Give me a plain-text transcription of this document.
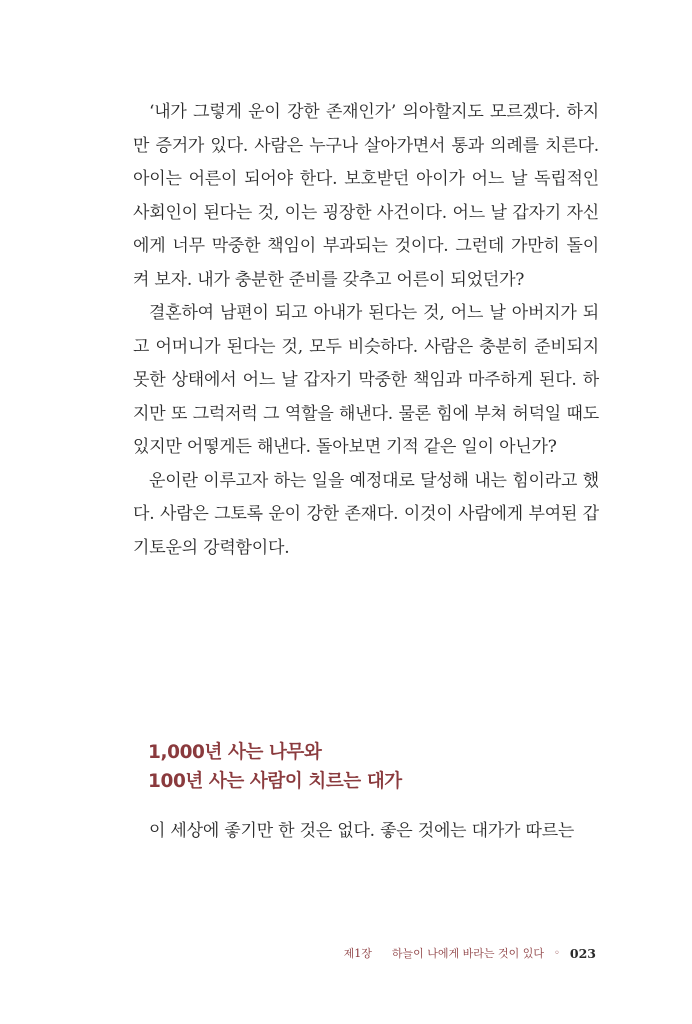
‘내가 그렇게 운이 강한 존재인가’ 의아할지도 모르겠다. 하지만 증거가 있다. 사람은 누구나 살아가면서 통과 의례를 치른다. 아이는 어른이 되어야 한다. 보호받던 아이가 어느 날 독립적인 사회인이 된다는 것, 이는 굉장한 사건이다. 어느 날 갑자기 자신에게 너무 막중한 책임이 부과되는 것이다. 그런데 가만히 돌이켜 보자. 내가 충분한 준비를 갖추고 어른이 되었던가?

결혼하여 남편이 되고 아내가 된다는 것, 어느 날 아버지가 되고 어머니가 된다는 것, 모두 비슷하다. 사람은 충분히 준비되지 못한 상태에서 어느 날 갑자기 막중한 책임과 마주하게 된다. 하지만 또 그럭저럭 그 역할을 해낸다. 물론 힘에 부쳐 허덕일 때도 있지만 어떻게든 해낸다. 돌아보면 기적 같은 일이 아닌가?

운이란 이루고자 하는 일을 예정대로 달성해 내는 힘이라고 했다. 사람은 그토록 운이 강한 존재다. 이것이 사람에게 부여된 갑기토운의 강력함이다.

1,000년 사는 나무와
100년 사는 사람이 치르는 대가

이 세상에 좋기만 한 것은 없다. 좋은 것에는 대가가 따르는

제1장 하늘이 나에게 바라는 것이 있다 ◦ 023
